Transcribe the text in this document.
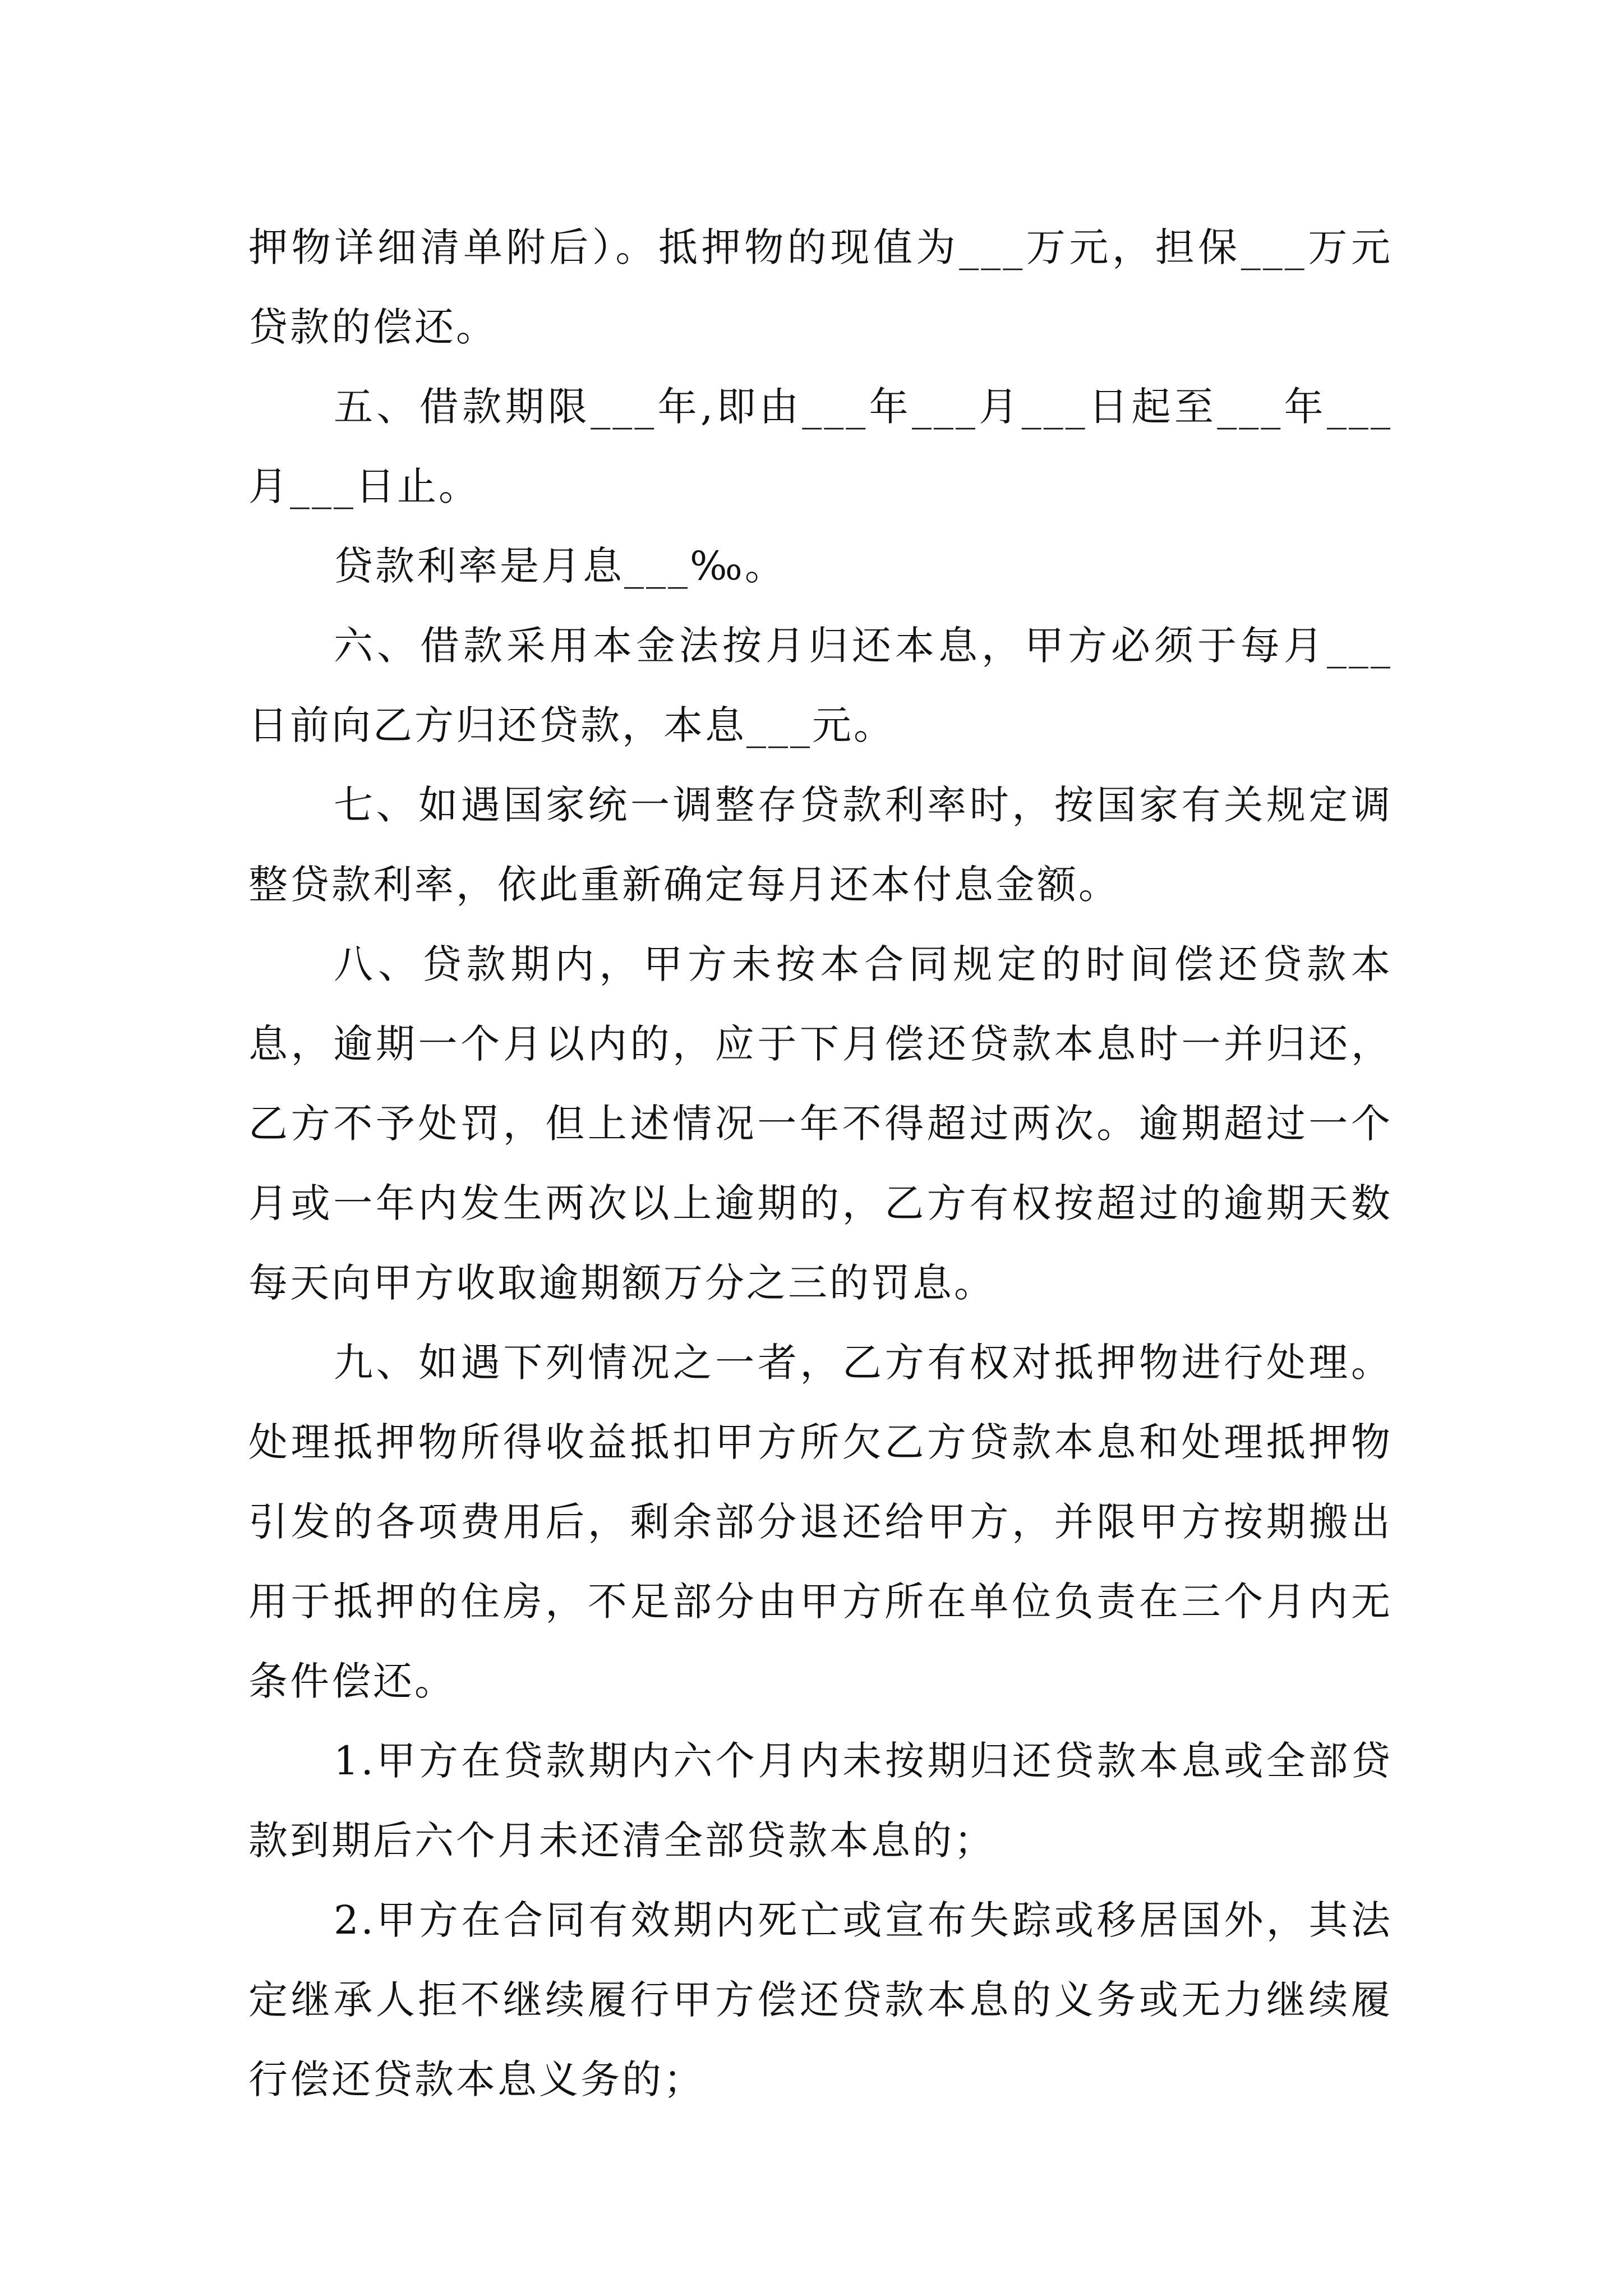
押物详细清单附后）。抵押物的现值为___万元，担保___万元贷款的偿还。

五、借款期限___年,即由___年___月___日起至___年___月___日止。

贷款利率是月息___‰。

六、借款采用本金法按月归还本息，甲方必须于每月___日前向乙方归还贷款，本息___元。

七、如遇国家统一调整存贷款利率时，按国家有关规定调整贷款利率，依此重新确定每月还本付息金额。

八、贷款期内，甲方未按本合同规定的时间偿还贷款本息，逾期一个月以内的，应于下月偿还贷款本息时一并归还，乙方不予处罚，但上述情况一年不得超过两次。逾期超过一个月或一年内发生两次以上逾期的，乙方有权按超过的逾期天数每天向甲方收取逾期额万分之三的罚息。

九、如遇下列情况之一者，乙方有权对抵押物进行处理。处理抵押物所得收益抵扣甲方所欠乙方贷款本息和处理抵押物引发的各项费用后，剩余部分退还给甲方，并限甲方按期搬出用于抵押的住房，不足部分由甲方所在单位负责在三个月内无条件偿还。

1.甲方在贷款期内六个月内未按期归还贷款本息或全部贷款到期后六个月未还清全部贷款本息的；

2.甲方在合同有效期内死亡或宣布失踪或移居国外，其法定继承人拒不继续履行甲方偿还贷款本息的义务或无力继续履行偿还贷款本息义务的；
